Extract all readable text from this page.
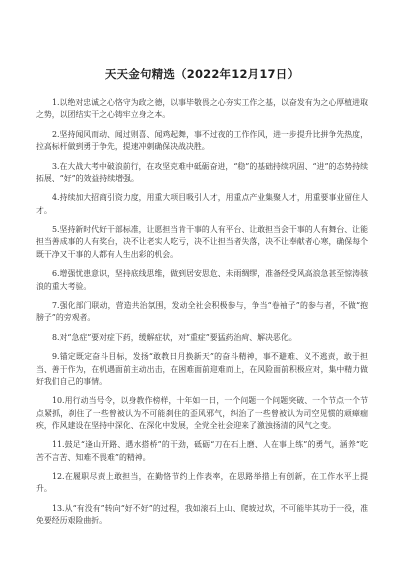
天天金句精选（2022年12月17日）

1.以绝对忠诚之心恪守为政之德，以事毕敬畏之心夯实工作之基，以奋发有为之心厚植进取之势，以团结实干之心铸牢立身之本。

2.坚持闻风而动、闻过则喜、闻鸡起舞，事不过夜的工作作风，进一步提升比拼争先热度，拉高标杆做到勇于争先，提速冲刺确保决战决胜。

3.在大战大考中破浪前行，在攻坚克难中砥砺奋进，“稳”的基础持续巩固、“进”的态势持续拓展、“好”的效益持续增强。

4.持续加大招商引资力度，用重大项目吸引人才，用重点产业集聚人才，用重要事业留住人才。

5.坚持新时代好干部标准，让愿担当肯干事的人有平台、让敢担当会干事的人有舞台、让能担当善成事的人有奖台，决不让老实人吃亏，决不让担当者失落，决不让奉献者心寒，确保每个既干净又干事的人都有人生出彩的机会。

6.增强忧患意识，坚持底线思维，做到居安思危、未雨绸缪，准备经受风高浪急甚至惊涛骇浪的重大考验。

7.强化部门联动，营造共治氛围，发动全社会积极参与，争当“卷袖子”的参与者，不做“抱膀子”的旁观者。

8.对“急症”要对症下药，缓解症状，对“重症”要猛药治疴、解决恶化。

9.锚定既定奋斗目标，发扬“敢教日月换新天”的奋斗精神，事不避难、义不逃责，敢于担当、善于作为，在机遇面前主动出击，在困难面前迎难而上，在风险面前积极应对，集中精力做好我们自己的事情。

10.用行动当号令，以身教作榜样，十年如一日，一个问题一个问题突破、一个节点一个节点紧抓，刹住了一些曾被认为不可能刹住的歪风邪气，纠治了一些曾被认为司空见惯的顽瘴痼疾，作风建设在坚持中深化、在深化中发展，全党全社会迎来了激浊扬清的风气之变。

11.鼓足“逢山开路、遇水搭桥”的干劲，砥砺“刀在石上磨、人在事上练”的勇气，涵养“吃苦不言苦、知难不畏难”的精神。

12.在履职尽责上敢担当，在勤恪节约上作表率，在思路举措上有创新，在工作水平上提升。

13.从“有没有”转向“好不好”的过程，我如滚石上山、爬坡过坎，不可能毕其功于一役，准免要经历艰险曲折。
